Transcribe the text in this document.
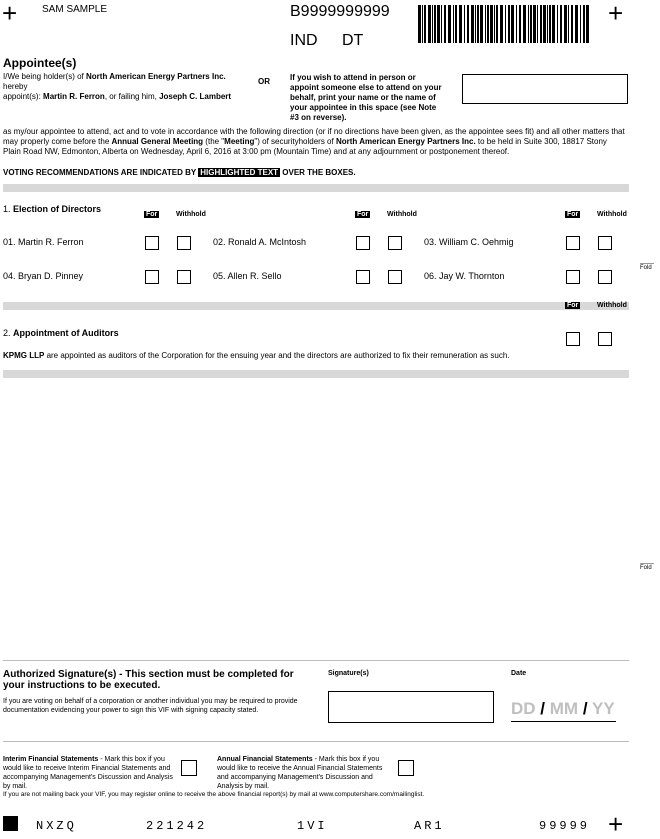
+	+
+
SAM SAMPLE	B9999999999
IND DT
Appointee(s)
I/We being holder(s) of North American Energy Partners Inc. hereby
appoint(s): Martin R. Ferron, or failing him, Joseph C. Lambert
OR	If you wish to attend in person or appoint someone else to attend on your behalf, print your name or the name of your appointee in this space (see Note #3 on reverse).
as my/our appointee to attend, act and to vote in accordance with the following direction (or if no directions have been given, as the appointee sees fit) and all other matters that may properly come before the Annual General Meeting (the "Meeting") of securityholders of North American Energy Partners Inc. to be held in Suite 300, 18817 Stony Plain Road NW, Edmonton, Alberta on Wednesday, April 6, 2016 at 3:00 pm (Mountain Time) and at any adjournment or postponement thereof.
VOTING RECOMMENDATIONS ARE INDICATED BY HIGHLIGHTED TEXT OVER THE BOXES.
1. Election of Directors
For	Withhold	For	Withhold	For	Withhold
01. Martin R. Ferron	02. Ronald A. McIntosh	03. William C. Oehmig
04. Bryan D. Pinney	05. Allen R. Sello	06. Jay W. Thornton
Fold
For	Withhold
2. Appointment of Auditors
KPMG LLP are appointed as auditors of the Corporation for the ensuing year and the directors are authorized to fix their remuneration as such.
Fold
Authorized Signature(s) - This section must be completed for your instructions to be executed.
If you are voting on behalf of a corporation or another individual you may be required to provide documentation evidencing your power to sign this VIF with signing capacity stated.
Signature(s)	Date
DD / MM / YY
Interim Financial Statements - Mark this box if you would like to receive Interim Financial Statements and accompanying Management's Discussion and Analysis by mail.
Annual Financial Statements - Mark this box if you would like to receive the Annual Financial Statements and accompanying Management's Discussion and Analysis by mail.
If you are not mailing back your VIF, you may register online to receive the above financial report(s) by mail at www.computershare.com/mailinglist.
NXZQ	221242	1VI	AR1	99999
